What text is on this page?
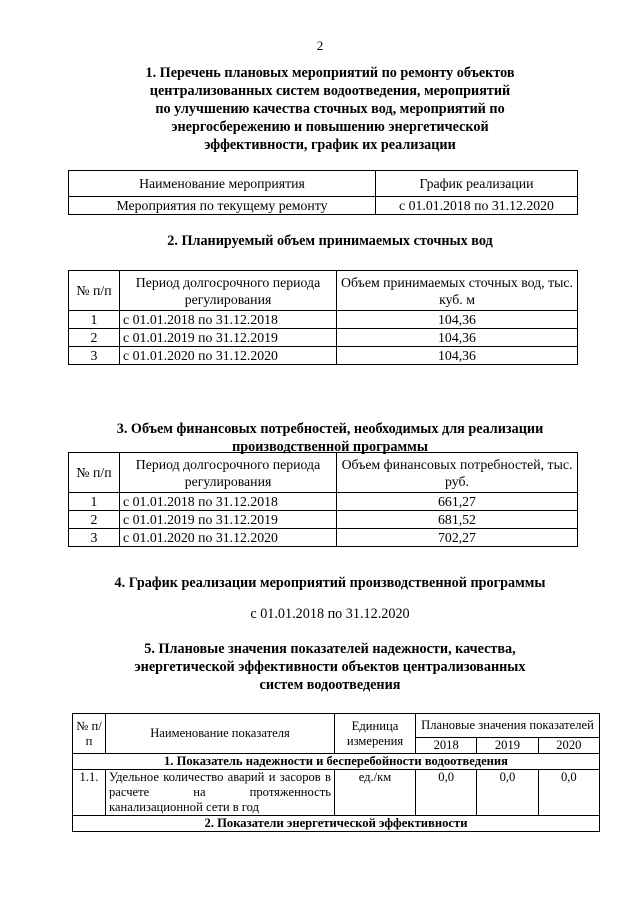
2
1. Перечень плановых мероприятий по ремонту объектов
централизованных систем водоотведения, мероприятий
по улучшению качества сточных вод, мероприятий по
энергосбережению и повышению энергетической
эффективности, график их реализации
Наименование мероприятия	График реализации
Мероприятия по текущему ремонту	с 01.01.2018 по 31.12.2020
2. Планируемый объем принимаемых сточных вод
№ п/п	Период долгосрочного периода регулирования	Объем принимаемых сточных вод, тыс. куб. м
1	с 01.01.2018 по 31.12.2018	104,36
2	с 01.01.2019 по 31.12.2019	104,36
3	с 01.01.2020 по 31.12.2020	104,36
3. Объем финансовых потребностей, необходимых для реализации
производственной программы
№ п/п	Период долгосрочного периода регулирования	Объем финансовых потребностей, тыс. руб.
1	с 01.01.2018 по 31.12.2018	661,27
2	с 01.01.2019 по 31.12.2019	681,52
3	с 01.01.2020 по 31.12.2020	702,27
4. График реализации мероприятий производственной программы
с 01.01.2018 по 31.12.2020
5. Плановые значения показателей надежности, качества,
энергетической эффективности объектов централизованных
систем водоотведения
№ п/п	Наименование показателя	Единица измерения	Плановые значения показателей		
			2018	2019	2020
1. Показатель надежности и бесперебойности водоотведения					
1.1.	Удельное количество аварий и засоров в расчете на протяженность канализационной сети в год	ед./км	0,0	0,0	0,0
2. Показатели энергетической эффективности					
